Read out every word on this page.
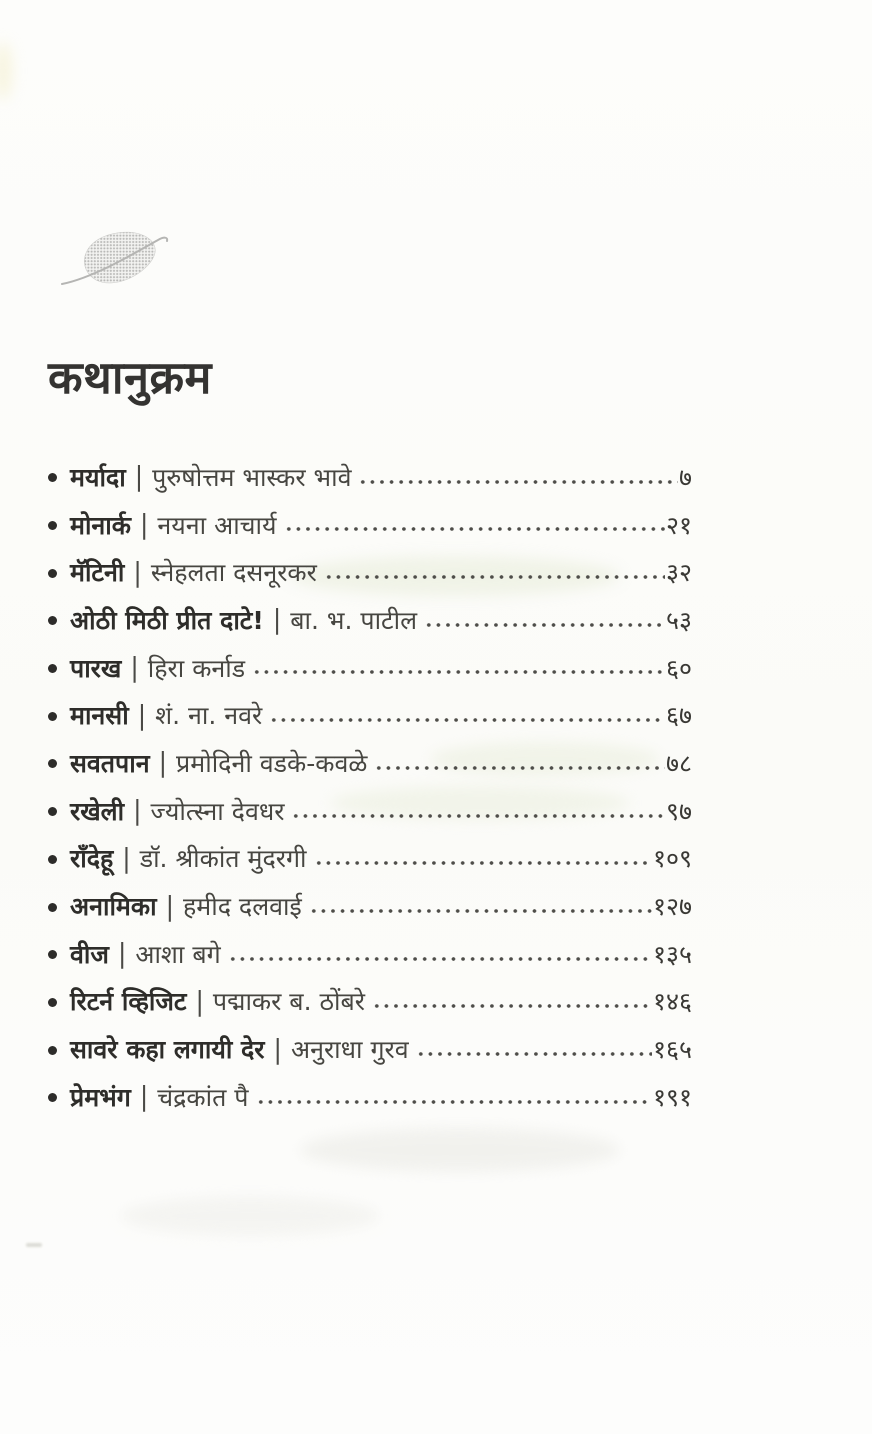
कथानुक्रम
मर्यादा | पुरुषोत्तम भास्कर भावे	७
मोनार्क | नयना आचार्य	२१
मॅटिनी | स्नेहलता दसनूरकर	३२
ओठी मिठी प्रीत दाटे! | बा. भ. पाटील	५३
पारख | हिरा कर्नाड	६०
मानसी | शं. ना. नवरे	६७
सवतपान | प्रमोदिनी वडके-कवळे	७८
रखेली | ज्योत्स्ना देवधर	९७
राँदेहू | डॉ. श्रीकांत मुंदरगी	१०९
अनामिका | हमीद दलवाई	१२७
वीज | आशा बगे	१३५
रिटर्न व्हिजिट | पद्माकर ब. ठोंबरे	१४६
सावरे कहा लगायी देर | अनुराधा गुरव	१६५
प्रेमभंग | चंद्रकांत पै	१९१
